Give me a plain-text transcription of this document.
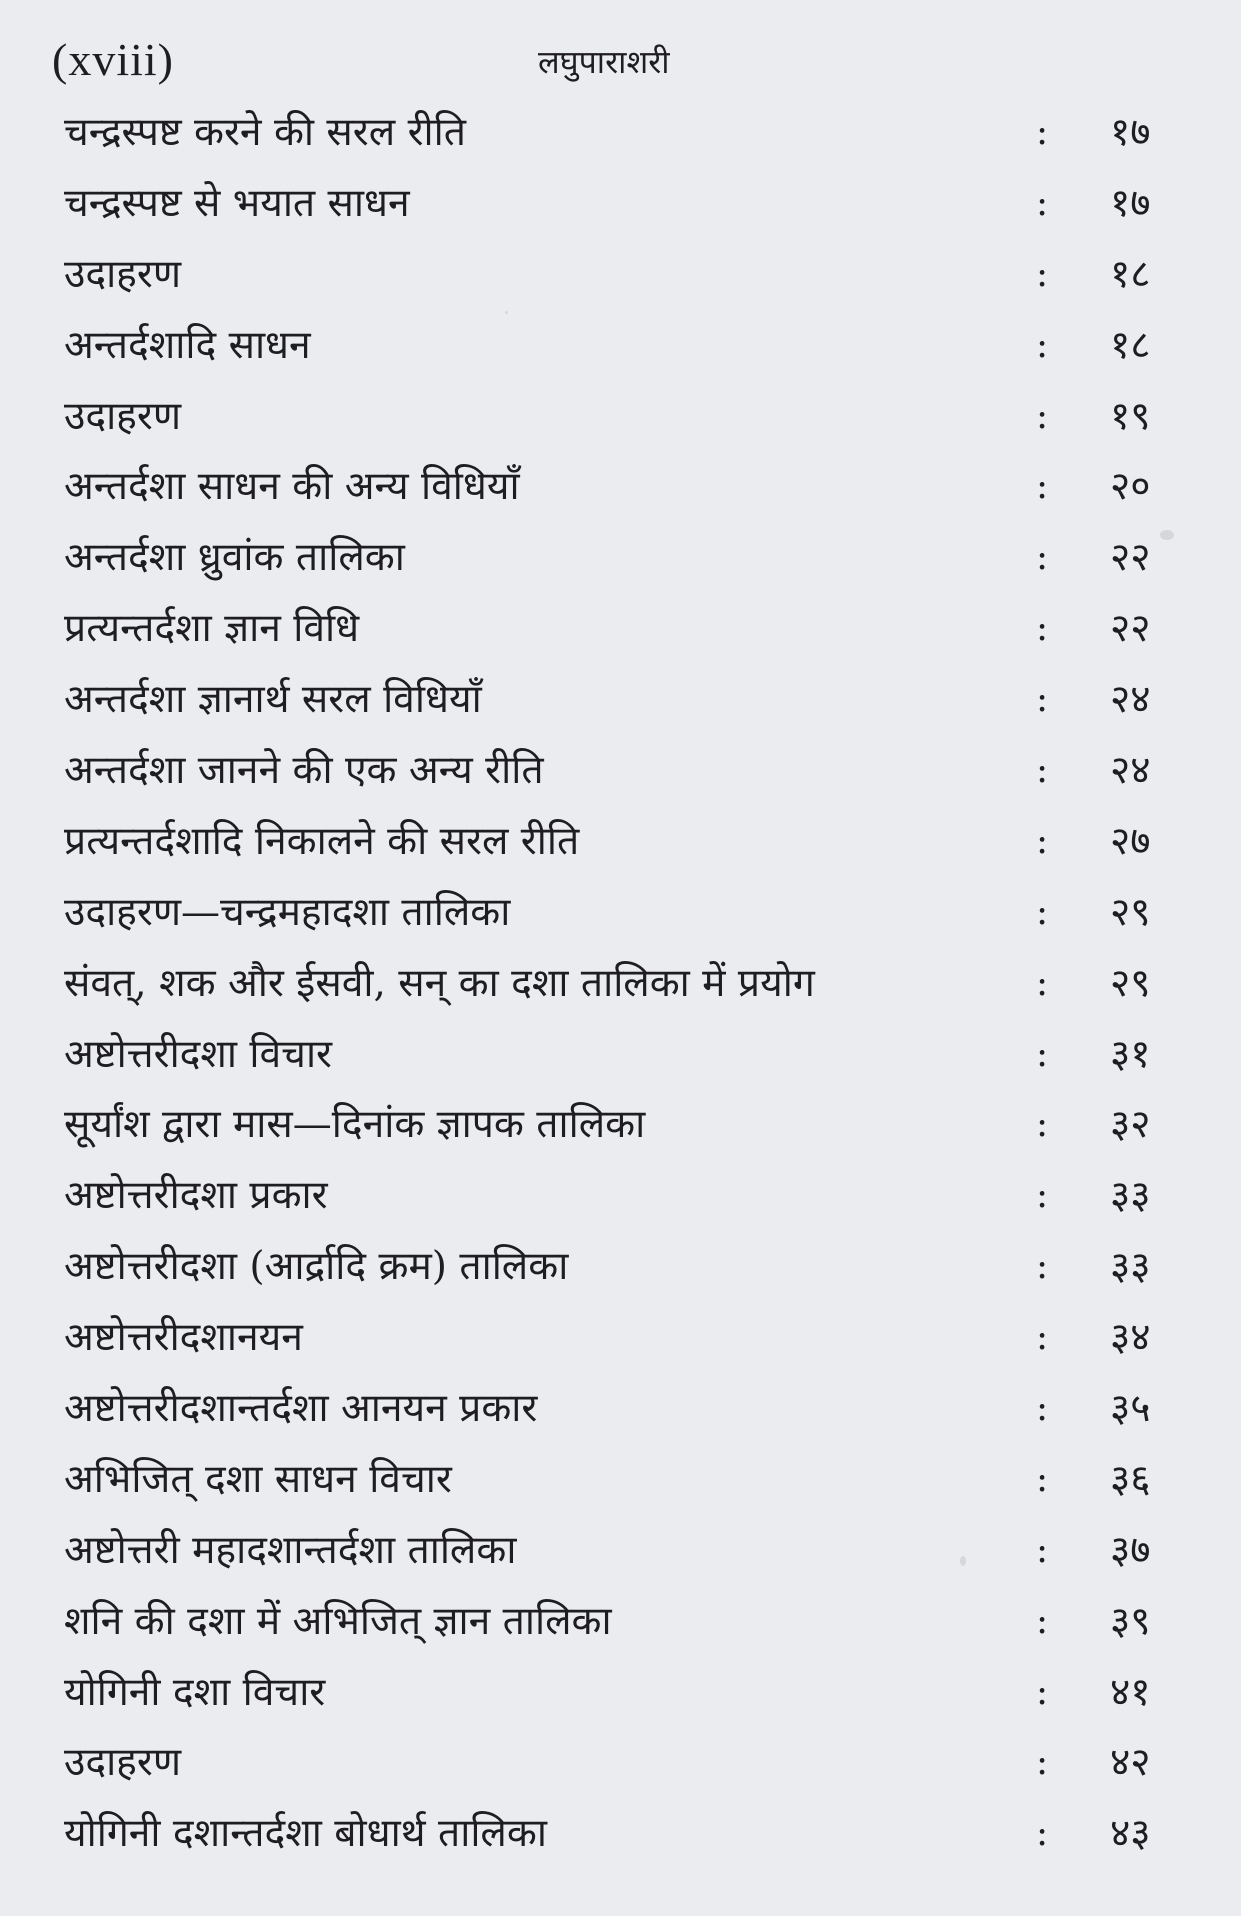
(xviii)	लघुपाराशरी
चन्द्रस्पष्ट करने की सरल रीति	: १७
चन्द्रस्पष्ट से भयात साधन	: १७
उदाहरण	: १८
अन्तर्दशादि साधन	: १८
उदाहरण	: १९
अन्तर्दशा साधन की अन्य विधियाँ	: २०
अन्तर्दशा ध्रुवांक तालिका	: २२
प्रत्यन्तर्दशा ज्ञान विधि	: २२
अन्तर्दशा ज्ञानार्थ सरल विधियाँ	: २४
अन्तर्दशा जानने की एक अन्य रीति	: २४
प्रत्यन्तर्दशादि निकालने की सरल रीति	: २७
उदाहरण—चन्द्रमहादशा तालिका	: २९
संवत्, शक और ईसवी, सन् का दशा तालिका में प्रयोग	: २९
अष्टोत्तरीदशा विचार	: ३१
सूर्यांश द्वारा मास—दिनांक ज्ञापक तालिका	: ३२
अष्टोत्तरीदशा प्रकार	: ३३
अष्टोत्तरीदशा (आर्द्रादि क्रम) तालिका	: ३३
अष्टोत्तरीदशानयन	: ३४
अष्टोत्तरीदशान्तर्दशा आनयन प्रकार	: ३५
अभिजित् दशा साधन विचार	: ३६
अष्टोत्तरी महादशान्तर्दशा तालिका	: ३७
शनि की दशा में अभिजित् ज्ञान तालिका	: ३९
योगिनी दशा विचार	: ४१
उदाहरण	: ४२
योगिनी दशान्तर्दशा बोधार्थ तालिका	: ४३
